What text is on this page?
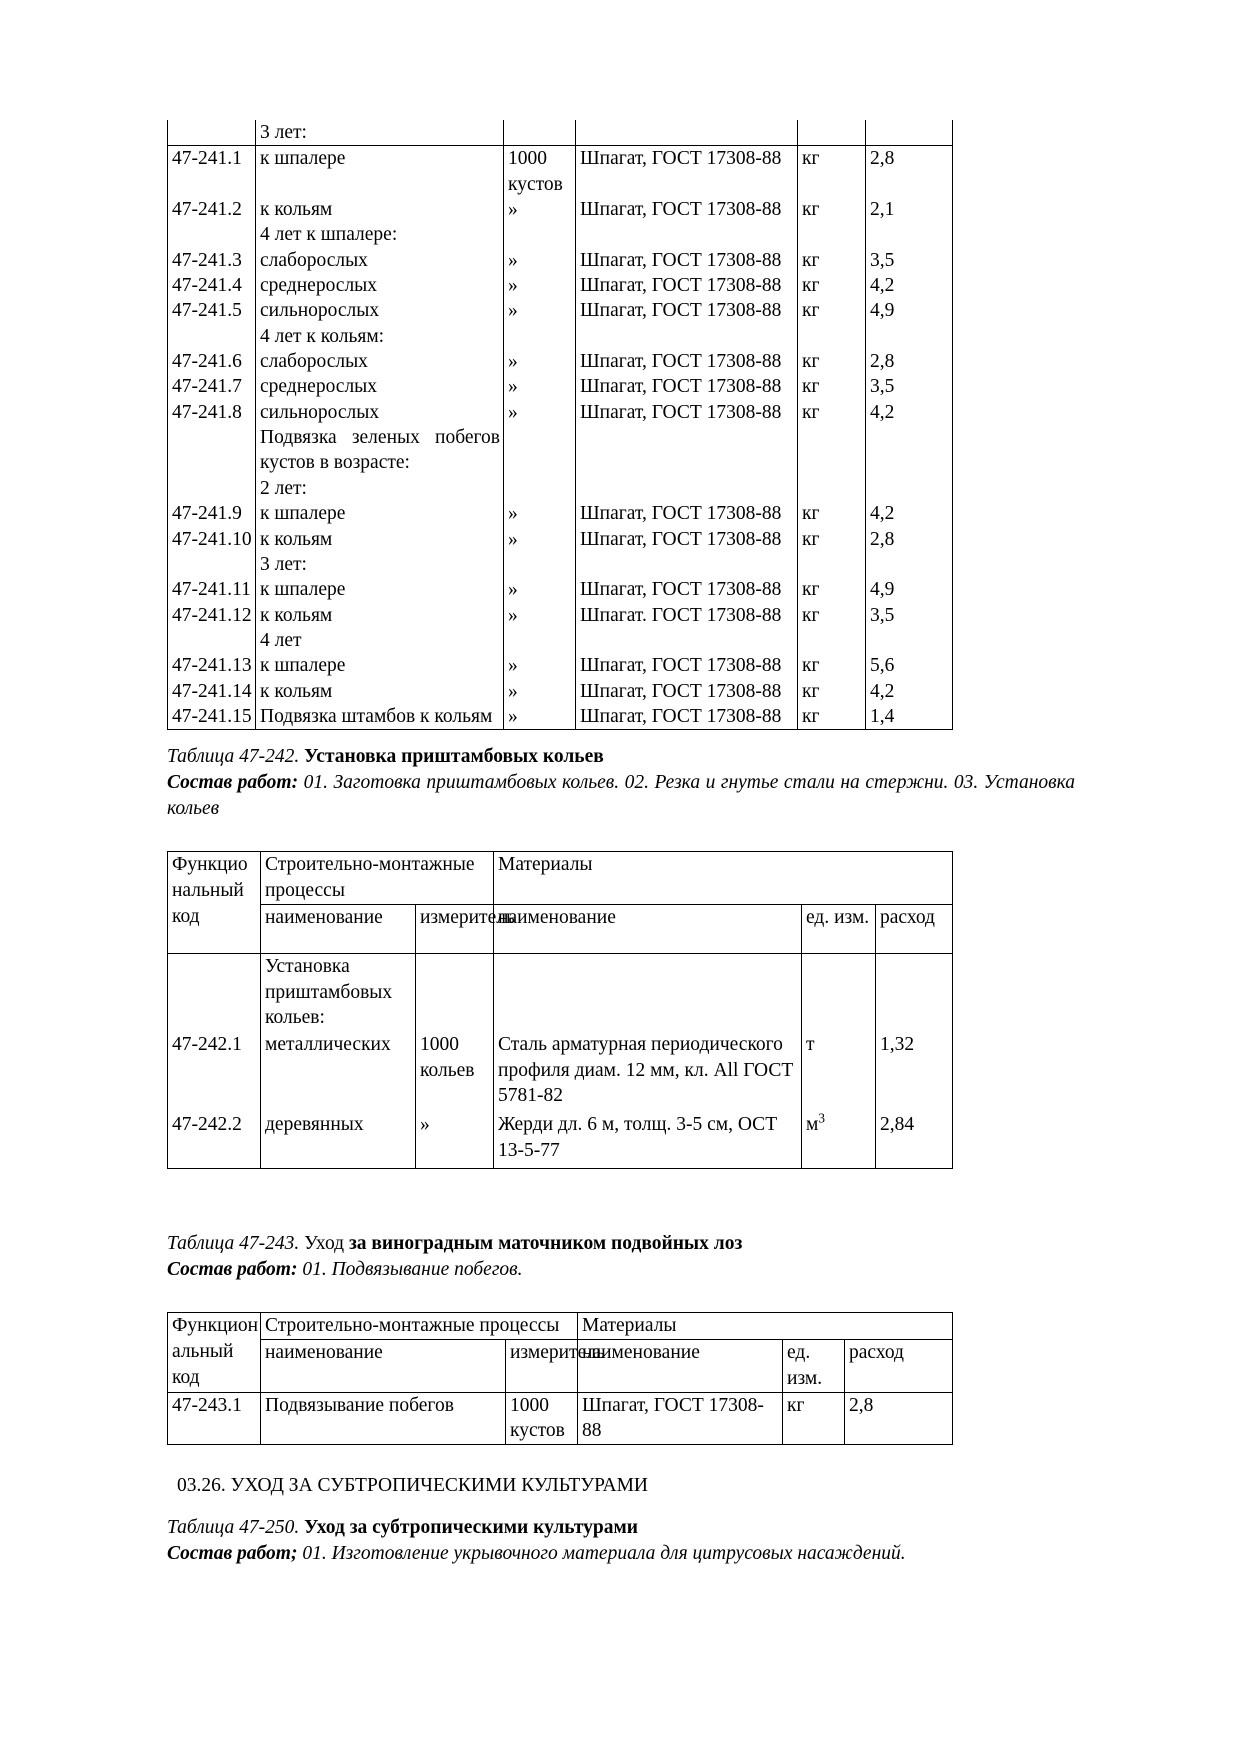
	3 лет:				
47-241.1	к шпалере	1000	Шпагат, ГОСТ 17308-88	кг	2,8
		кустов			
47-241.2	к кольям	»	Шпагат, ГОСТ 17308-88	кг	2,1
	4 лет к шпалере:				
47-241.3	слаборослых	»	Шпагат, ГОСТ 17308-88	кг	3,5
47-241.4	среднерослых	»	Шпагат, ГОСТ 17308-88	кг	4,2
47-241.5	сильнорослых	»	Шпагат, ГОСТ 17308-88	кг	4,9
	4 лет к кольям:				
47-241.6	слаборослых	»	Шпагат, ГОСТ 17308-88	кг	2,8
47-241.7	среднерослых	»	Шпагат, ГОСТ 17308-88	кг	3,5
47-241.8	сильнорослых	»	Шпагат, ГОСТ 17308-88	кг	4,2
	Подвязка зеленых побегов				
	кустов в возрасте:				
	2 лет:				
47-241.9	к шпалере	»	Шпагат, ГОСТ 17308-88	кг	4,2
47-241.10	к кольям	»	Шпагат, ГОСТ 17308-88	кг	2,8
	3 лет:				
47-241.11	к шпалере	»	Шпагат, ГОСТ 17308-88	кг	4,9
47-241.12	к кольям	»	Шпагат. ГОСТ 17308-88	кг	3,5
	4 лет				
47-241.13	к шпалере	»	Шпагат, ГОСТ 17308-88	кг	5,6
47-241.14	к кольям	»	Шпагат, ГОСТ 17308-88	кг	4,2
47-241.15	Подвязка штамбов к кольям	»	Шпагат, ГОСТ 17308-88	кг	1,4
Таблица 47-242. Установка приштамбовых кольев
Состав работ: 01. Заготовка приштамбовых кольев. 02. Резка и гнутье стали на стержни. 03. Установка кольев
Функцио нальный код	Строительно-монтажные процессы		Материалы		
	наименование	измеритель	наименование	ед. изм.	расход
	Установка приштамбовых кольев:				
47-242.1	металлических	1000 кольев	Сталь арматурная периодического профиля диам. 12 мм, кл. All ГОСТ 5781-82	т	1,32
47-242.2	деревянных	»	Жерди дл. 6 м, толщ. 3-5 см, ОСТ 13-5-77	$м^3$	2,84
Таблица 47-243. Уход за виноградным маточником подвойных лоз
Состав работ: 01. Подвязывание побегов.
Функцион альный код	Строительно-монтажные процессы		Материалы		
	наименование	измеритель	наименование	ед. изм.	расход
47-243.1	Подвязывание побегов	1000 кустов	Шпагат, ГОСТ 17308-88	кг	2,8

03.26. УХОД ЗА СУБТРОПИЧЕСКИМИ КУЛЬТУРАМИ

Таблица 47-250. Уход за субтропическими культурами
Состав работ; 01. Изготовление укрывочного материала для цитрусовых насаждений.
